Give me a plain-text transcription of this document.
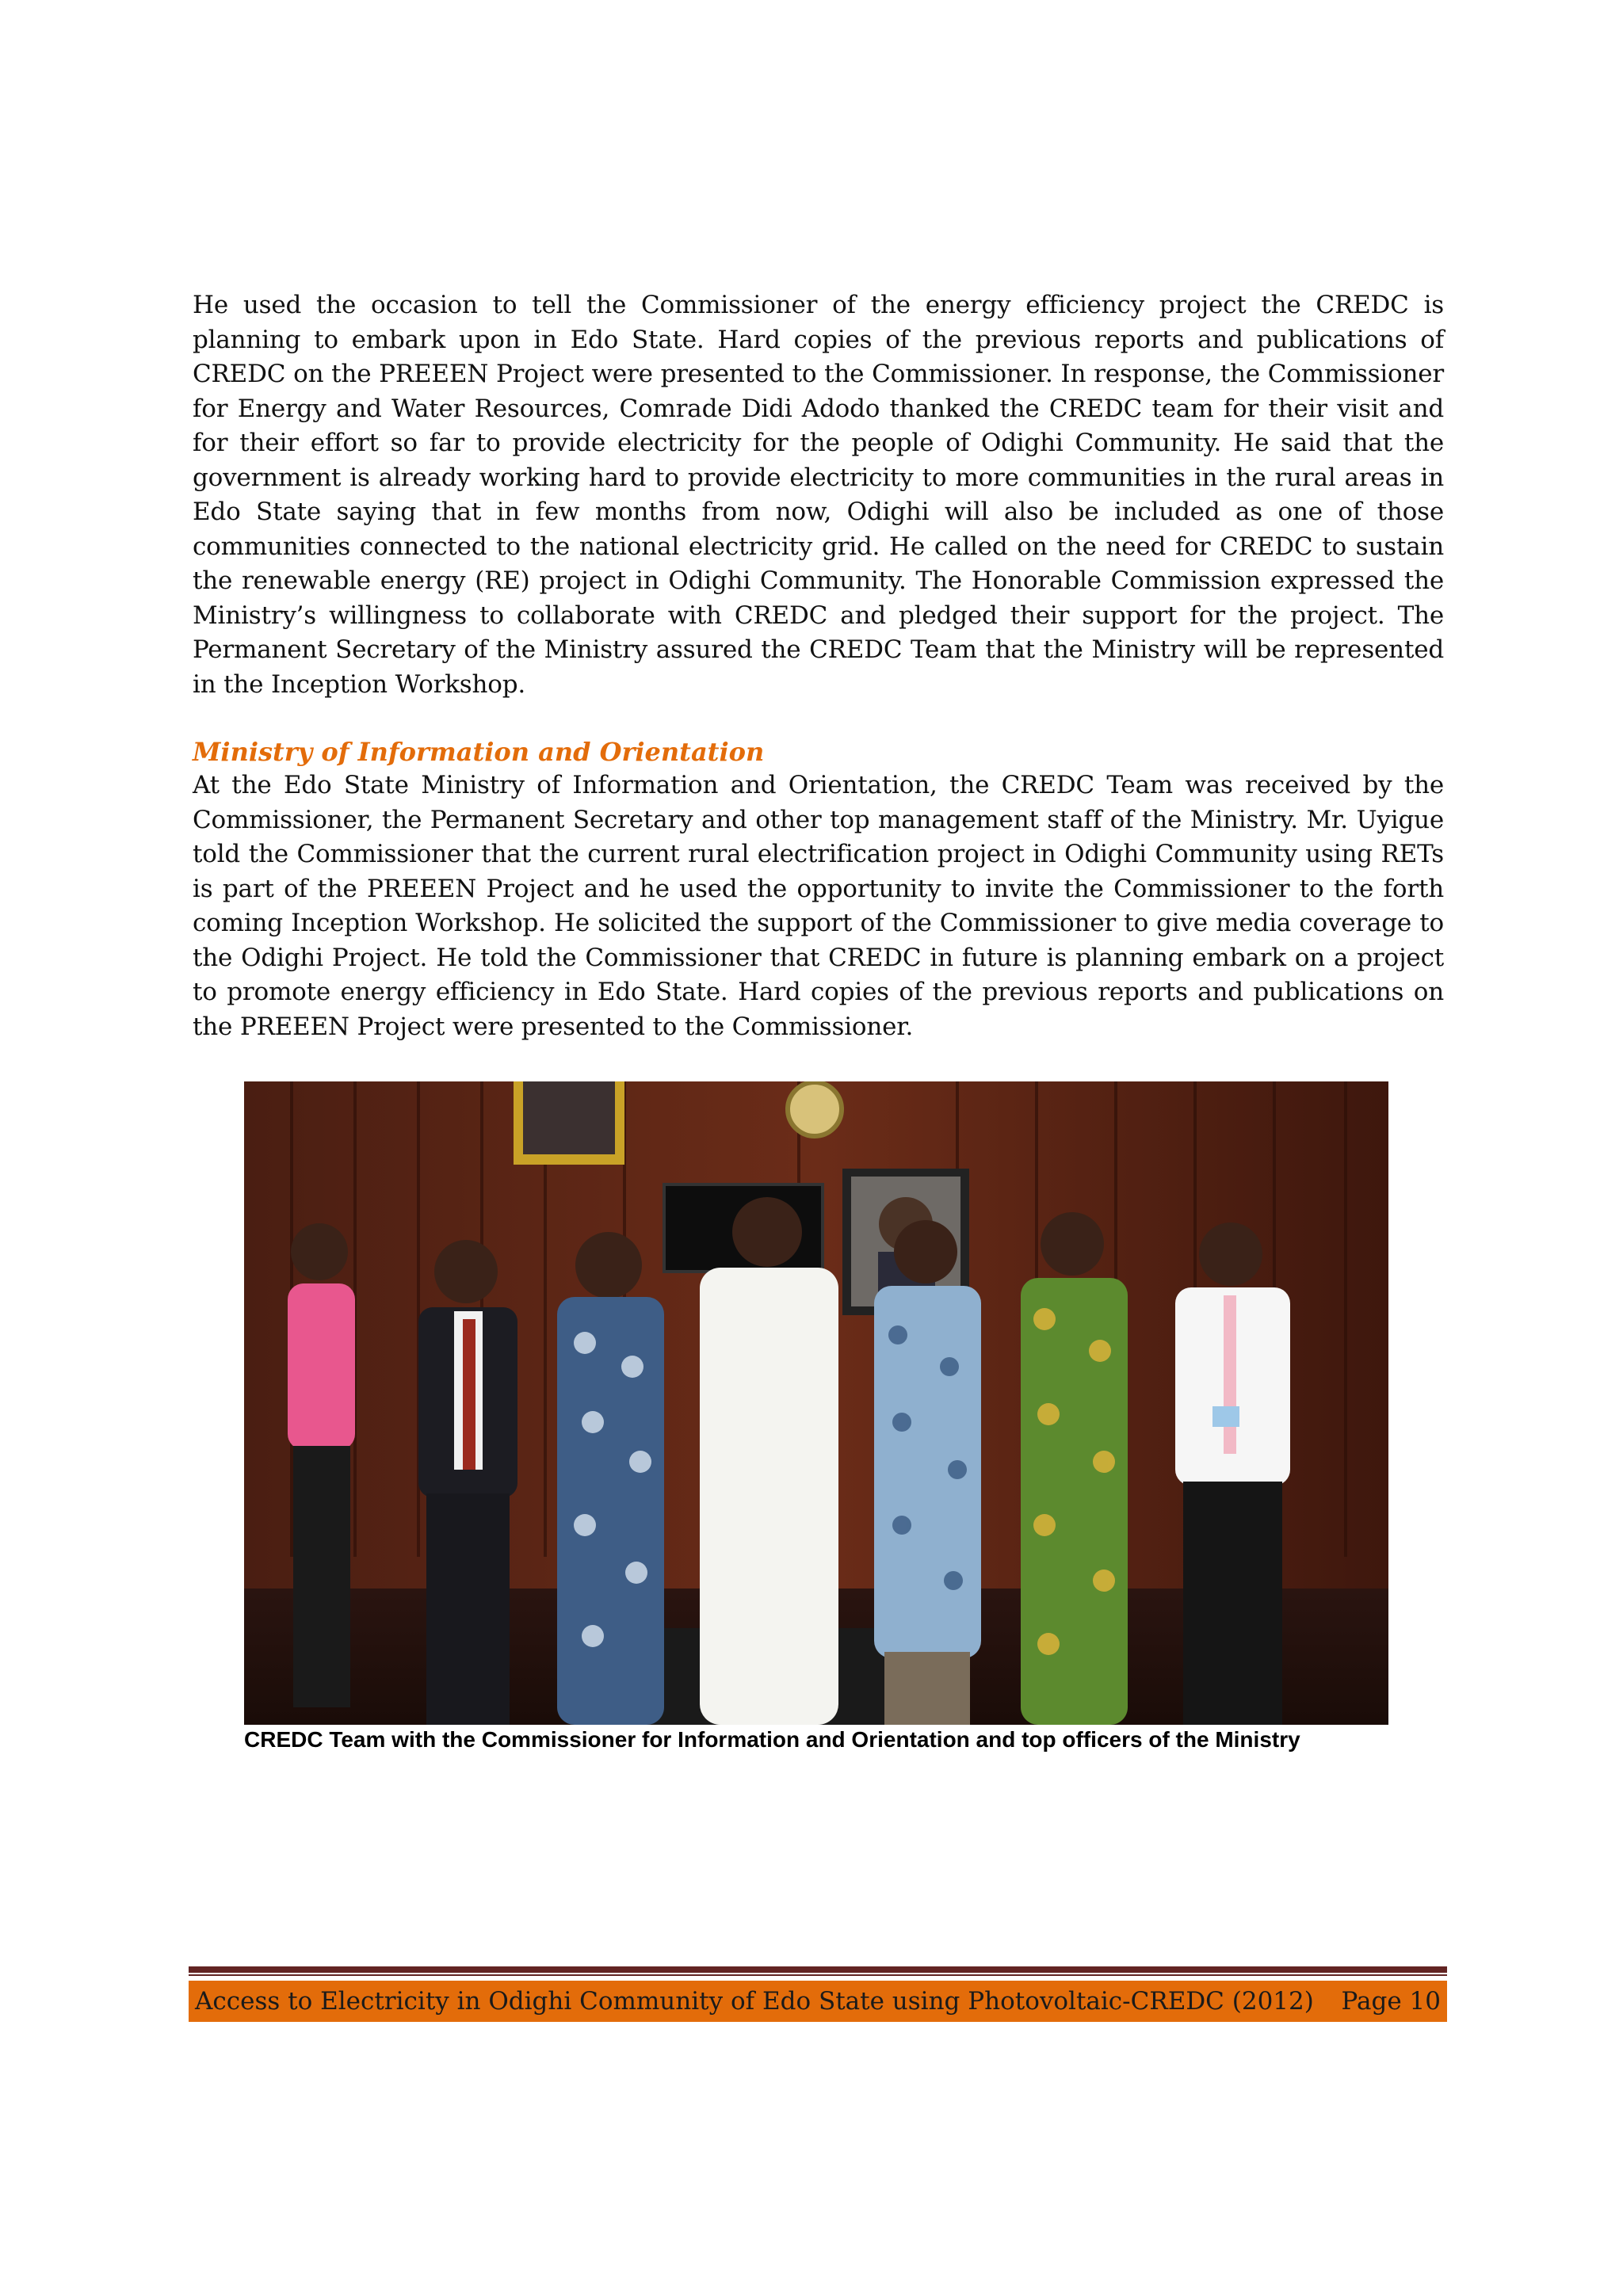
He used the occasion to tell the Commissioner of the energy efficiency project the CREDC is planning to embark upon in Edo State. Hard copies of the previous reports and publications of CREDC on the PREEEN Project were presented to the Commissioner. In response, the Commissioner for Energy and Water Resources, Comrade Didi Adodo thanked the CREDC team for their visit and for their effort so far to provide electricity for the people of Odighi Community. He said that the government is already working hard to provide electricity to more communities in the rural areas in Edo State saying that in few months from now, Odighi will also be included as one of those communities connected to the national electricity grid. He called on the need for CREDC to sustain the renewable energy (RE) project in Odighi Community. The Honorable Commission expressed the Ministry’s willingness to collaborate with CREDC and pledged their support for the project. The Permanent Secretary of the Ministry assured the CREDC Team that the Ministry will be represented in the Inception Workshop.

Ministry of Information and Orientation

At the Edo State Ministry of Information and Orientation, the CREDC Team was received by the Commissioner, the Permanent Secretary and other top management staff of the Ministry. Mr. Uyigue told the Commissioner that the current rural electrification project in Odighi Community using RETs is part of the PREEEN Project and he used the opportunity to invite the Commissioner to the forth coming Inception Workshop. He solicited the support of the Commissioner to give media coverage to the Odighi Project. He told the Commissioner that CREDC in future is planning embark on a project to promote energy efficiency in Edo State. Hard copies of the previous reports and publications on the PREEEN Project were presented to the Commissioner.

CREDC Team with the Commissioner for Information and Orientation and top officers of the Ministry
Access to Electricity in Odighi Community of Edo State using Photovoltaic-CREDC (2012) Page 10
